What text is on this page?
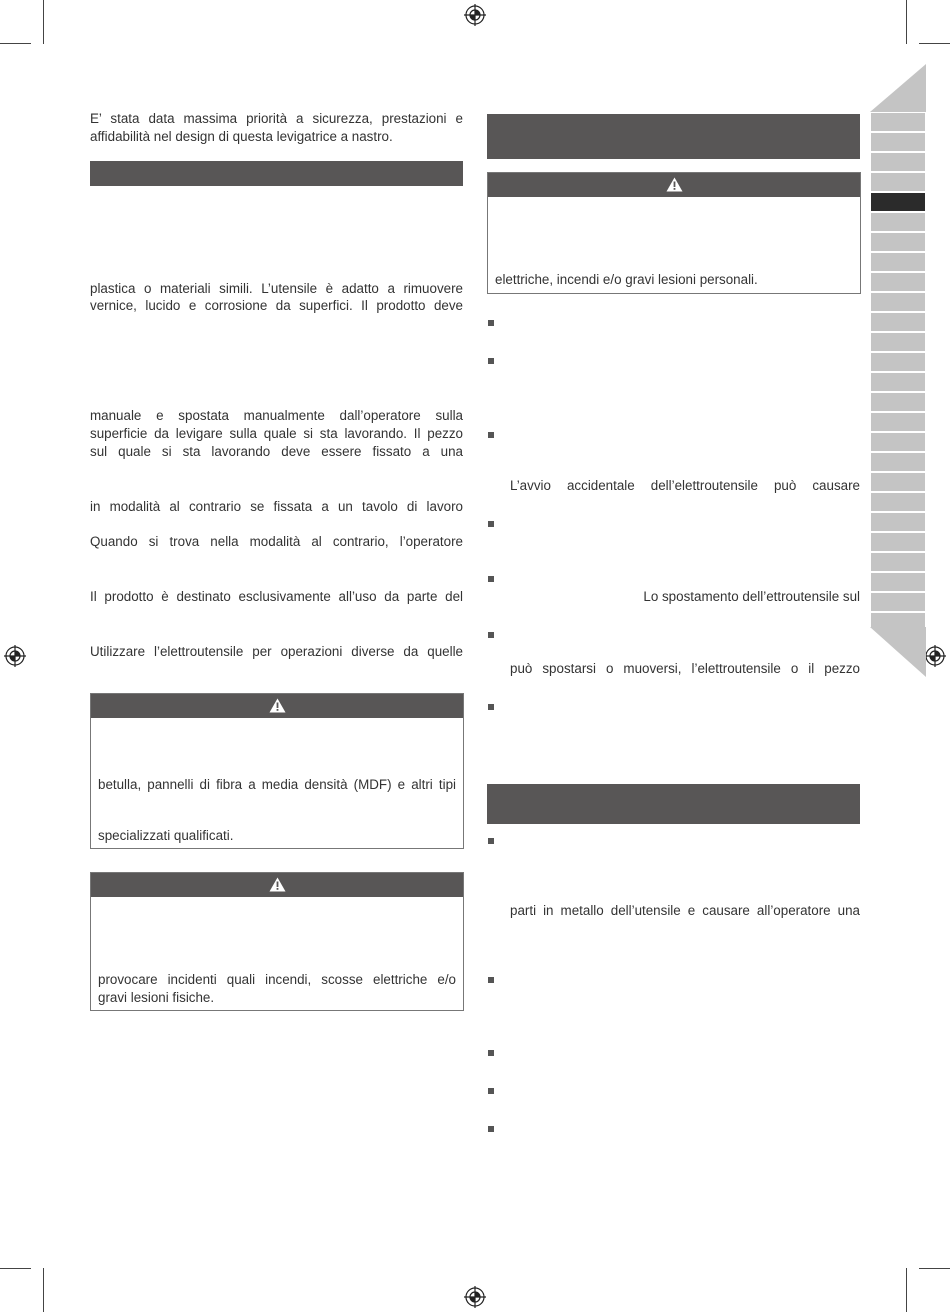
E’ stata data massima priorità a sicurezza, prestazioni e
affidabilità nel design di questa levigatrice a nastro.
plastica o materiali simili. L’utensile è adatto a rimuovere
vernice, lucido e corrosione da superfici. Il prodotto deve
manuale e spostata manualmente dall’operatore sulla
superficie da levigare sulla quale si sta lavorando. Il pezzo
sul quale si sta lavorando deve essere fissato a una
in modalità al contrario se fissata a un tavolo di lavoro
Quando si trova nella modalità al contrario, l’operatore
Il prodotto è destinato esclusivamente all’uso da parte del
Utilizzare l’elettroutensile per operazioni diverse da quelle
betulla, pannelli di fibra a media densità (MDF) e altri tipi
specializzati qualificati.
provocare incidenti quali incendi, scosse elettriche e/o
gravi lesioni fisiche.
elettriche, incendi e/o gravi lesioni personali.
L’avvio accidentale dell’elettroutensile può causare
Lo spostamento dell’ettroutensile sul
può spostarsi o muoversi, l’elettroutensile o il pezzo
parti in metallo dell’utensile e causare all’operatore una
